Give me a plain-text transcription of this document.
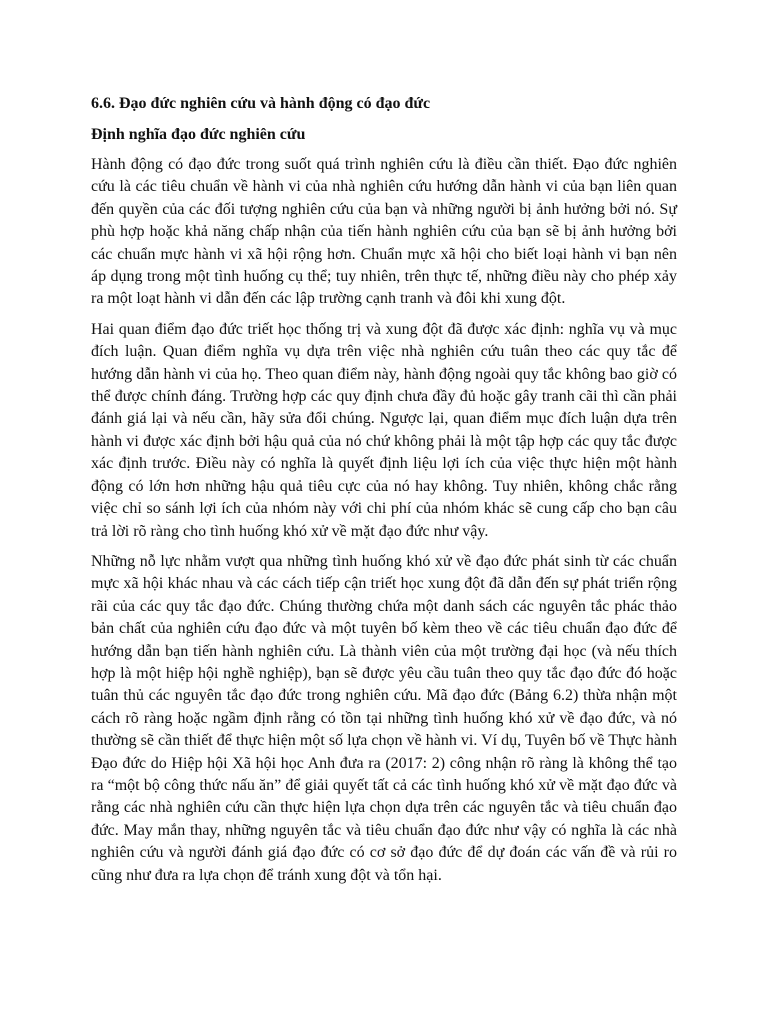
6.6. Đạo đức nghiên cứu và hành động có đạo đức

Định nghĩa đạo đức nghiên cứu

Hành động có đạo đức trong suốt quá trình nghiên cứu là điều cần thiết. Đạo đức nghiên cứu là các tiêu chuẩn về hành vi của nhà nghiên cứu hướng dẫn hành vi của bạn liên quan đến quyền của các đối tượng nghiên cứu của bạn và những người bị ảnh hưởng bởi nó. Sự phù hợp hoặc khả năng chấp nhận của tiến hành nghiên cứu của bạn sẽ bị ảnh hưởng bởi các chuẩn mực hành vi xã hội rộng hơn. Chuẩn mực xã hội cho biết loại hành vi bạn nên áp dụng trong một tình huống cụ thể; tuy nhiên, trên thực tế, những điều này cho phép xảy ra một loạt hành vi dẫn đến các lập trường cạnh tranh và đôi khi xung đột.

Hai quan điểm đạo đức triết học thống trị và xung đột đã được xác định: nghĩa vụ và mục đích luận. Quan điểm nghĩa vụ dựa trên việc nhà nghiên cứu tuân theo các quy tắc để hướng dẫn hành vi của họ. Theo quan điểm này, hành động ngoài quy tắc không bao giờ có thể được chính đáng. Trường hợp các quy định chưa đầy đủ hoặc gây tranh cãi thì cần phải đánh giá lại và nếu cần, hãy sửa đổi chúng. Ngược lại, quan điểm mục đích luận dựa trên hành vi được xác định bởi hậu quả của nó chứ không phải là một tập hợp các quy tắc được xác định trước. Điều này có nghĩa là quyết định liệu lợi ích của việc thực hiện một hành động có lớn hơn những hậu quả tiêu cực của nó hay không. Tuy nhiên, không chắc rằng việc chỉ so sánh lợi ích của nhóm này với chi phí của nhóm khác sẽ cung cấp cho bạn câu trả lời rõ ràng cho tình huống khó xử về mặt đạo đức như vậy.

Những nỗ lực nhằm vượt qua những tình huống khó xử về đạo đức phát sinh từ các chuẩn mực xã hội khác nhau và các cách tiếp cận triết học xung đột đã dẫn đến sự phát triển rộng rãi của các quy tắc đạo đức. Chúng thường chứa một danh sách các nguyên tắc phác thảo bản chất của nghiên cứu đạo đức và một tuyên bố kèm theo về các tiêu chuẩn đạo đức để hướng dẫn bạn tiến hành nghiên cứu. Là thành viên của một trường đại học (và nếu thích hợp là một hiệp hội nghề nghiệp), bạn sẽ được yêu cầu tuân theo quy tắc đạo đức đó hoặc tuân thủ các nguyên tắc đạo đức trong nghiên cứu. Mã đạo đức (Bảng 6.2) thừa nhận một cách rõ ràng hoặc ngầm định rằng có tồn tại những tình huống khó xử về đạo đức, và nó thường sẽ cần thiết để thực hiện một số lựa chọn về hành vi. Ví dụ, Tuyên bố về Thực hành Đạo đức do Hiệp hội Xã hội học Anh đưa ra (2017: 2) công nhận rõ ràng là không thể tạo ra “một bộ công thức nấu ăn” để giải quyết tất cả các tình huống khó xử về mặt đạo đức và rằng các nhà nghiên cứu cần thực hiện lựa chọn dựa trên các nguyên tắc và tiêu chuẩn đạo đức. May mắn thay, những nguyên tắc và tiêu chuẩn đạo đức như vậy có nghĩa là các nhà nghiên cứu và người đánh giá đạo đức có cơ sở đạo đức để dự đoán các vấn đề và rủi ro cũng như đưa ra lựa chọn để tránh xung đột và tổn hại.
